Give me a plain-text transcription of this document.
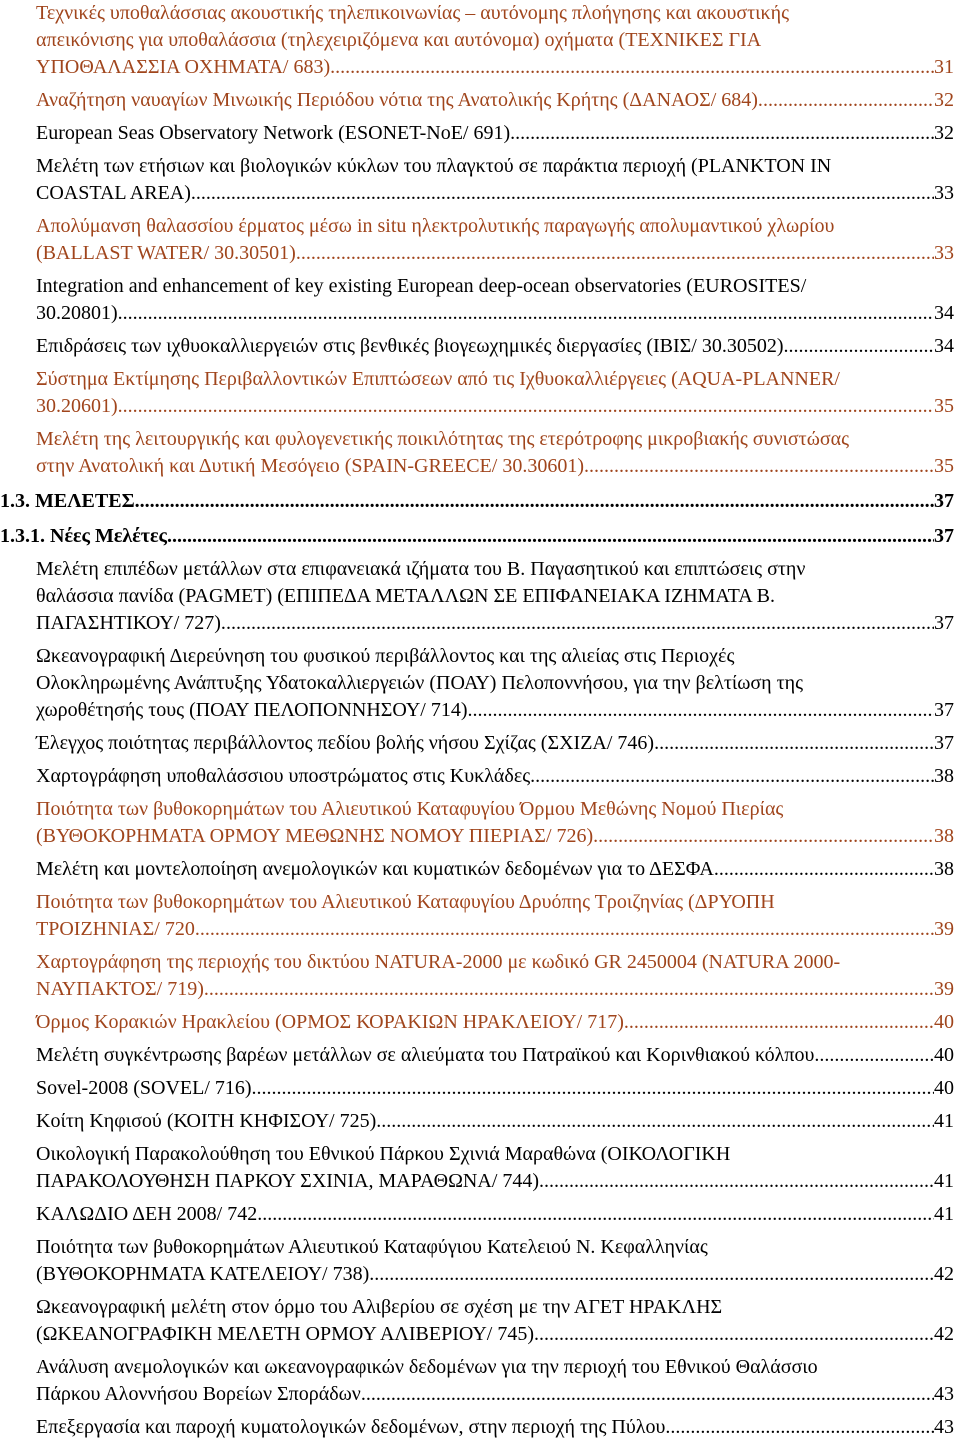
Τεχνικές υποθαλάσσιας ακουστικής τηλεπικοινωνίας – αυτόνομης πλοήγησης και ακουστικής
απεικόνισης για υποθαλάσσια (τηλεχειριζόμενα και αυτόνομα) οχήματα (ΤΕΧΝΙΚΕΣ ΓΙΑ
ΥΠΟΘΑΛΑΣΣΙΑ ΟΧΗΜΑΤΑ/ 683). .....	31
Αναζήτηση ναυαγίων Μινωικής Περιόδου νότια της Ανατολικής Κρήτης (ΔΑΝΑΟΣ/ 684). .....	32
European Seas Observatory Network (ESONET-NoE/ 691). .....	32
Μελέτη των ετήσιων και βιολογικών κύκλων του πλαγκτού σε παράκτια περιοχή (PLANKTON IN
COASTAL AREA). .....	33
Απολύμανση θαλασσίου έρματος μέσω in situ ηλεκτρολυτικής παραγωγής απολυμαντικού χλωρίου
(BALLAST WATER/ 30.30501). .....	33
Integration and enhancement of key existing European deep-ocean observatories (EUROSITES/
30.20801). .....	34
Επιδράσεις των ιχθυοκαλλιεργειών στις βενθικές βιογεωχημικές διεργασίες (ΙΒΙΣ/ 30.30502). .....	34
Σύστημα Εκτίμησης Περιβαλλοντικών Επιπτώσεων από τις Ιχθυοκαλλιέργειες (AQUA-PLANNER/
30.20601) .....	35
Μελέτη της λειτουργικής και φυλογενετικής ποικιλότητας της ετερότροφης μικροβιακής συνιστώσας
στην Ανατολική και Δυτική Μεσόγειο (SPAIN-GREECE/ 30.30601). .....	35
1.3. ΜΕΛΕΤΕΣ .....	37
1.3.1. Νέες Μελέτες .....	37
Μελέτη επιπέδων μετάλλων στα επιφανειακά ιζήματα του Β. Παγασητικού και επιπτώσεις στην
θαλάσσια πανίδα (PAGMET) (ΕΠΙΠΕΔΑ ΜΕΤΑΛΛΩΝ ΣΕ ΕΠΙΦΑΝΕΙΑΚΑ ΙΖΗΜΑΤΑ Β.
ΠΑΓΑΣΗΤΙΚΟΥ/ 727). .....	37
Ωκεανογραφική Διερεύνηση του φυσικού περιβάλλοντος και της αλιείας στις Περιοχές
Ολοκληρωμένης Ανάπτυξης Υδατοκαλλιεργειών (ΠΟΑΥ) Πελοποννήσου, για την βελτίωση της
χωροθέτησής τους (ΠΟΑΥ ΠΕΛΟΠΟΝΝΗΣΟΥ/ 714). .....	37
Έλεγχος ποιότητας περιβάλλοντος πεδίου βολής νήσου Σχίζας (ΣΧΙΖΑ/ 746). .....	37
Χαρτογράφηση υποθαλάσσιου υποστρώματος στις Κυκλάδες. .....	38
Ποιότητα των βυθοκορημάτων του Αλιευτικού Καταφυγίου Όρμου Μεθώνης Νομού Πιερίας
(ΒΥΘΟΚΟΡΗΜΑΤΑ ΟΡΜΟΥ ΜΕΘΩΝΗΣ ΝΟΜΟΥ ΠΙΕΡΙΑΣ/ 726). .....	38
Μελέτη και μοντελοποίηση ανεμολογικών και κυματικών δεδομένων για το ΔΕΣΦΑ. .....	38
Ποιότητα των βυθοκορημάτων του Αλιευτικού Καταφυγίου Δρυόπης Τροιζηνίας (ΔΡΥΟΠΗ
ΤΡΟΙΖΗΝΙΑΣ/ 720. .....	39
Χαρτογράφηση της περιοχής του δικτύου NATURA-2000 με κωδικό GR 2450004 (NATURA 2000-
ΝΑΥΠΑΚΤΟΣ/ 719). .....	39
Όρμος Κορακιών Ηρακλείου (ΟΡΜΟΣ ΚΟΡΑΚΙΩΝ ΗΡΑΚΛΕΙΟΥ/ 717). .....	40
Μελέτη συγκέντρωσης βαρέων μετάλλων σε αλιεύματα του Πατραϊκού και Κορινθιακού κόλπου. .....	40
Sovel-2008 (SOVEL/ 716). .....	40
Κοίτη Κηφισού (ΚΟΙΤΗ ΚΗΦΙΣΟΥ/ 725). .....	41
Οικολογική Παρακολούθηση του Εθνικού Πάρκου Σχινιά Μαραθώνα (ΟΙΚΟΛΟΓΙΚΗ
ΠΑΡΑΚΟΛΟΥΘΗΣΗ ΠΑΡΚΟΥ ΣΧΙΝΙΑ, ΜΑΡΑΘΩΝΑ/ 744). .....	41
ΚΑΛΩΔΙΟ ΔΕΗ 2008/ 742 .....	41
Ποιότητα των βυθοκορημάτων Αλιευτικού Καταφύγιου Κατελειού Ν. Κεφαλληνίας
(ΒΥΘΟΚΟΡΗΜΑΤΑ ΚΑΤΕΛΕΙΟΥ/ 738). .....	42
Ωκεανογραφική μελέτη στον όρμο του Αλιβερίου σε σχέση με την ΑΓΕΤ ΗΡΑΚΛΗΣ
(ΩΚΕΑΝΟΓΡΑΦΙΚΗ ΜΕΛΕΤΗ ΟΡΜΟΥ ΑΛΙΒΕΡΙΟΥ/ 745). .....	42
Ανάλυση ανεμολογικών και ωκεανογραφικών δεδομένων για την περιοχή του Εθνικού Θαλάσσιο
Πάρκου Αλοννήσου Βορείων Σποράδων. .....	43
Επεξεργασία και παροχή κυματολογικών δεδομένων, στην περιοχή της Πύλου. .....	43
